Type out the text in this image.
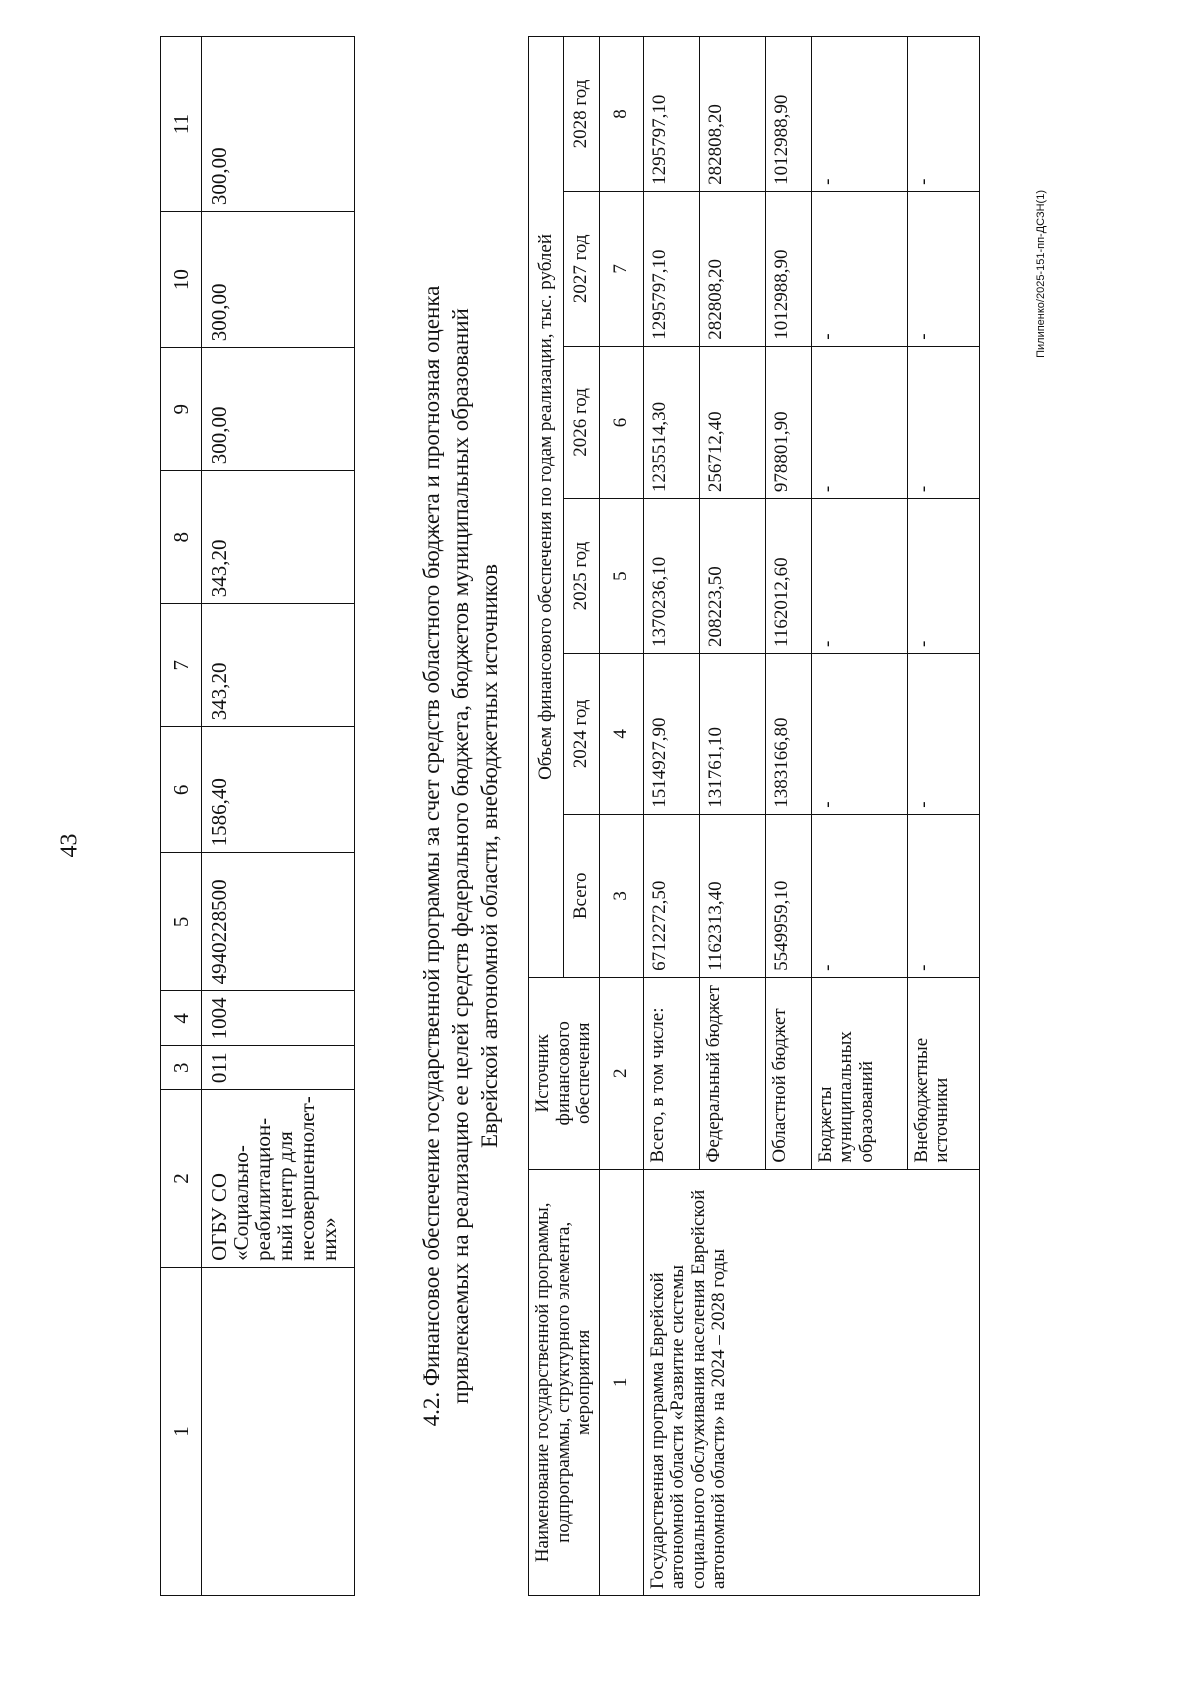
43
1	2	3	4	5	6	7	8	9	10	11
	ОГБУ СО «Социально-реабилитацион-ный центр для несовершеннолет-них»	011	1004	4940228500	1586,40	343,20	343,20	300,00	300,00	300,00
4.2. Финансовое обеспечение государственной программы за счет средств областного бюджета и прогнозная оценка привлекаемых на реализацию ее целей средств федерального бюджета, бюджетов муниципальных образований Еврейской автономной области, внебюджетных источников
Наименование государственной программы, подпрограммы, структурного элемента, мероприятия	Источник финансового обеспечения	Объем финансового обеспечения по годам реализации, тыс. рублей					
		Всего	2024 год	2025 год	2026 год	2027 год	2028 год
1	2	3	4	5	6	7	8
Государственная программа Еврейской автономной области «Развитие системы социального обслуживания населения Еврейской автономной области» на 2024 – 2028 годы	Всего, в том числе:	6712272,50	1514927,90	1370236,10	1235514,30	1295797,10	1295797,10
	Федеральный бюджет	1162313,40	131761,10	208223,50	256712,40	282808,20	282808,20
	Областной бюджет	5549959,10	1383166,80	1162012,60	978801,90	1012988,90	1012988,90
	Бюджеты муниципальных образований	-	-	-	-	-	-
	Внебюджетные источники	-	-	-	-	-	-
Пилипенко/2025-151-пп-ДСЗН(1)
